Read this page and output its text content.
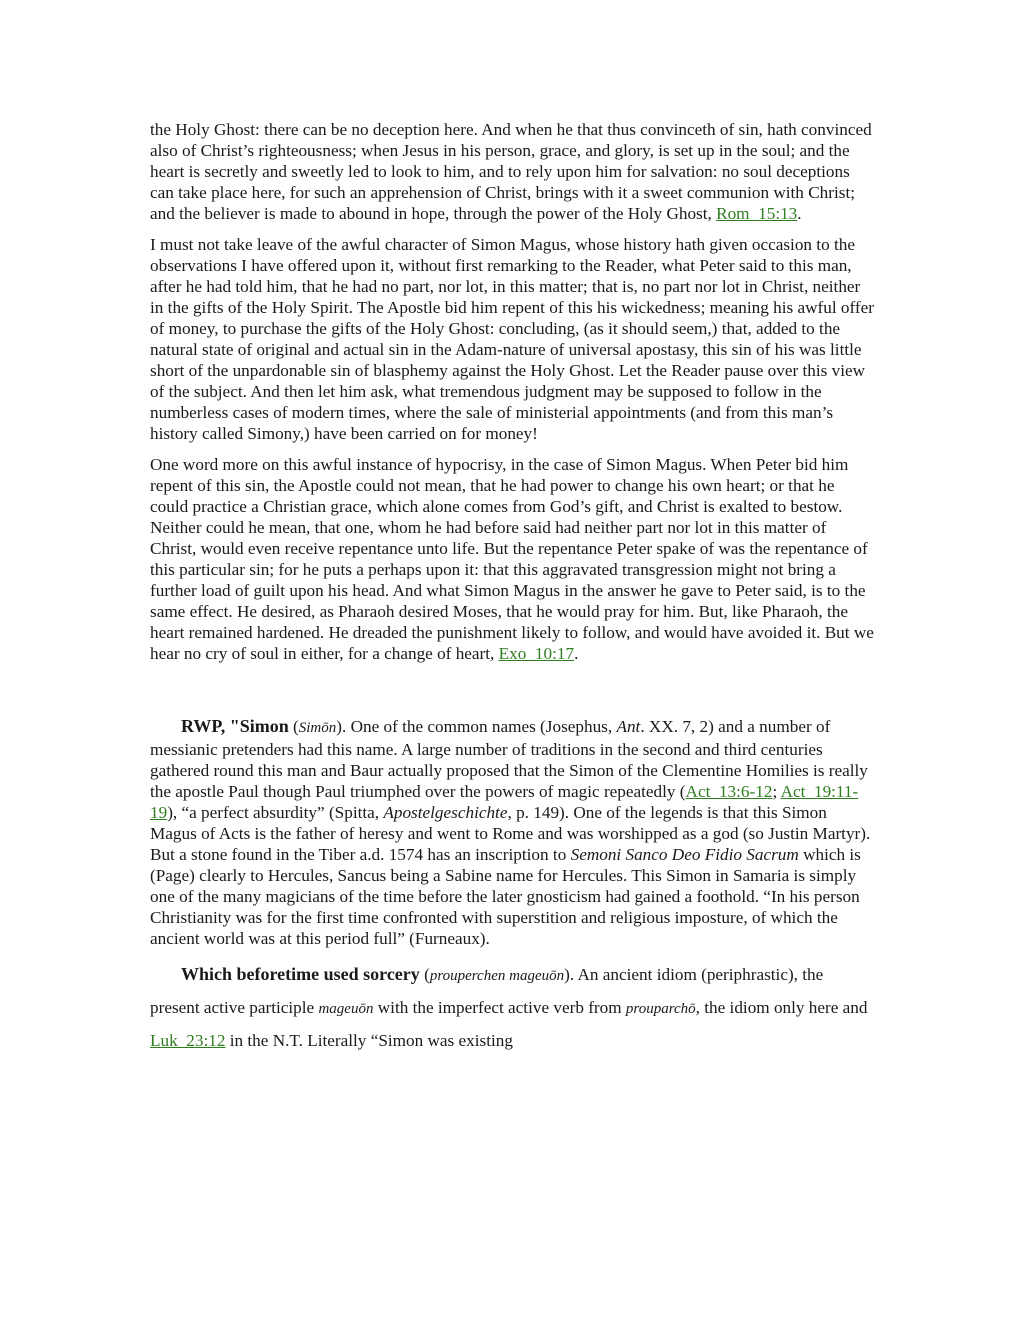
the Holy Ghost: there can be no deception here. And when he that thus convinceth of sin, hath convinced also of Christ’s righteousness; when Jesus in his person, grace, and glory, is set up in the soul; and the heart is secretly and sweetly led to look to him, and to rely upon him for salvation: no soul deceptions can take place here, for such an apprehension of Christ, brings with it a sweet communion with Christ; and the believer is made to abound in hope, through the power of the Holy Ghost, Rom_15:13.

I must not take leave of the awful character of Simon Magus, whose history hath given occasion to the observations I have offered upon it, without first remarking to the Reader, what Peter said to this man, after he had told him, that he had no part, nor lot, in this matter; that is, no part nor lot in Christ, neither in the gifts of the Holy Spirit. The Apostle bid him repent of this his wickedness; meaning his awful offer of money, to purchase the gifts of the Holy Ghost: concluding, (as it should seem,) that, added to the natural state of original and actual sin in the Adam-nature of universal apostasy, this sin of his was little short of the unpardonable sin of blasphemy against the Holy Ghost. Let the Reader pause over this view of the subject. And then let him ask, what tremendous judgment may be supposed to follow in the numberless cases of modern times, where the sale of ministerial appointments (and from this man’s history called Simony,) have been carried on for money!

One word more on this awful instance of hypocrisy, in the case of Simon Magus. When Peter bid him repent of this sin, the Apostle could not mean, that he had power to change his own heart; or that he could practice a Christian grace, which alone comes from God’s gift, and Christ is exalted to bestow. Neither could he mean, that one, whom he had before said had neither part nor lot in this matter of Christ, would even receive repentance unto life. But the repentance Peter spake of was the repentance of this particular sin; for he puts a perhaps upon it: that this aggravated transgression might not bring a further load of guilt upon his head. And what Simon Magus in the answer he gave to Peter said, is to the same effect. He desired, as Pharaoh desired Moses, that he would pray for him. But, like Pharaoh, the heart remained hardened. He dreaded the punishment likely to follow, and would have avoided it. But we hear no cry of soul in either, for a change of heart, Exo_10:17.

RWP, "Simon (Simōn). One of the common names (Josephus, Ant. XX. 7, 2) and a number of messianic pretenders had this name. A large number of traditions in the second and third centuries gathered round this man and Baur actually proposed that the Simon of the Clementine Homilies is really the apostle Paul though Paul triumphed over the powers of magic repeatedly (Act_13:6-12; Act_19:11-19), “a perfect absurdity” (Spitta, Apostelgeschichte, p. 149). One of the legends is that this Simon Magus of Acts is the father of heresy and went to Rome and was worshipped as a god (so Justin Martyr). But a stone found in the Tiber a.d. 1574 has an inscription to Semoni Sanco Deo Fidio Sacrum which is (Page) clearly to Hercules, Sancus being a Sabine name for Hercules. This Simon in Samaria is simply one of the many magicians of the time before the later gnosticism had gained a foothold. “In his person Christianity was for the first time confronted with superstition and religious imposture, of which the ancient world was at this period full” (Furneaux).

Which beforetime used sorcery (prouperchen mageuōn). An ancient idiom (periphrastic), the present active participle mageuōn with the imperfect active verb from prouparchō, the idiom only here and Luk_23:12 in the N.T. Literally “Simon was existing
